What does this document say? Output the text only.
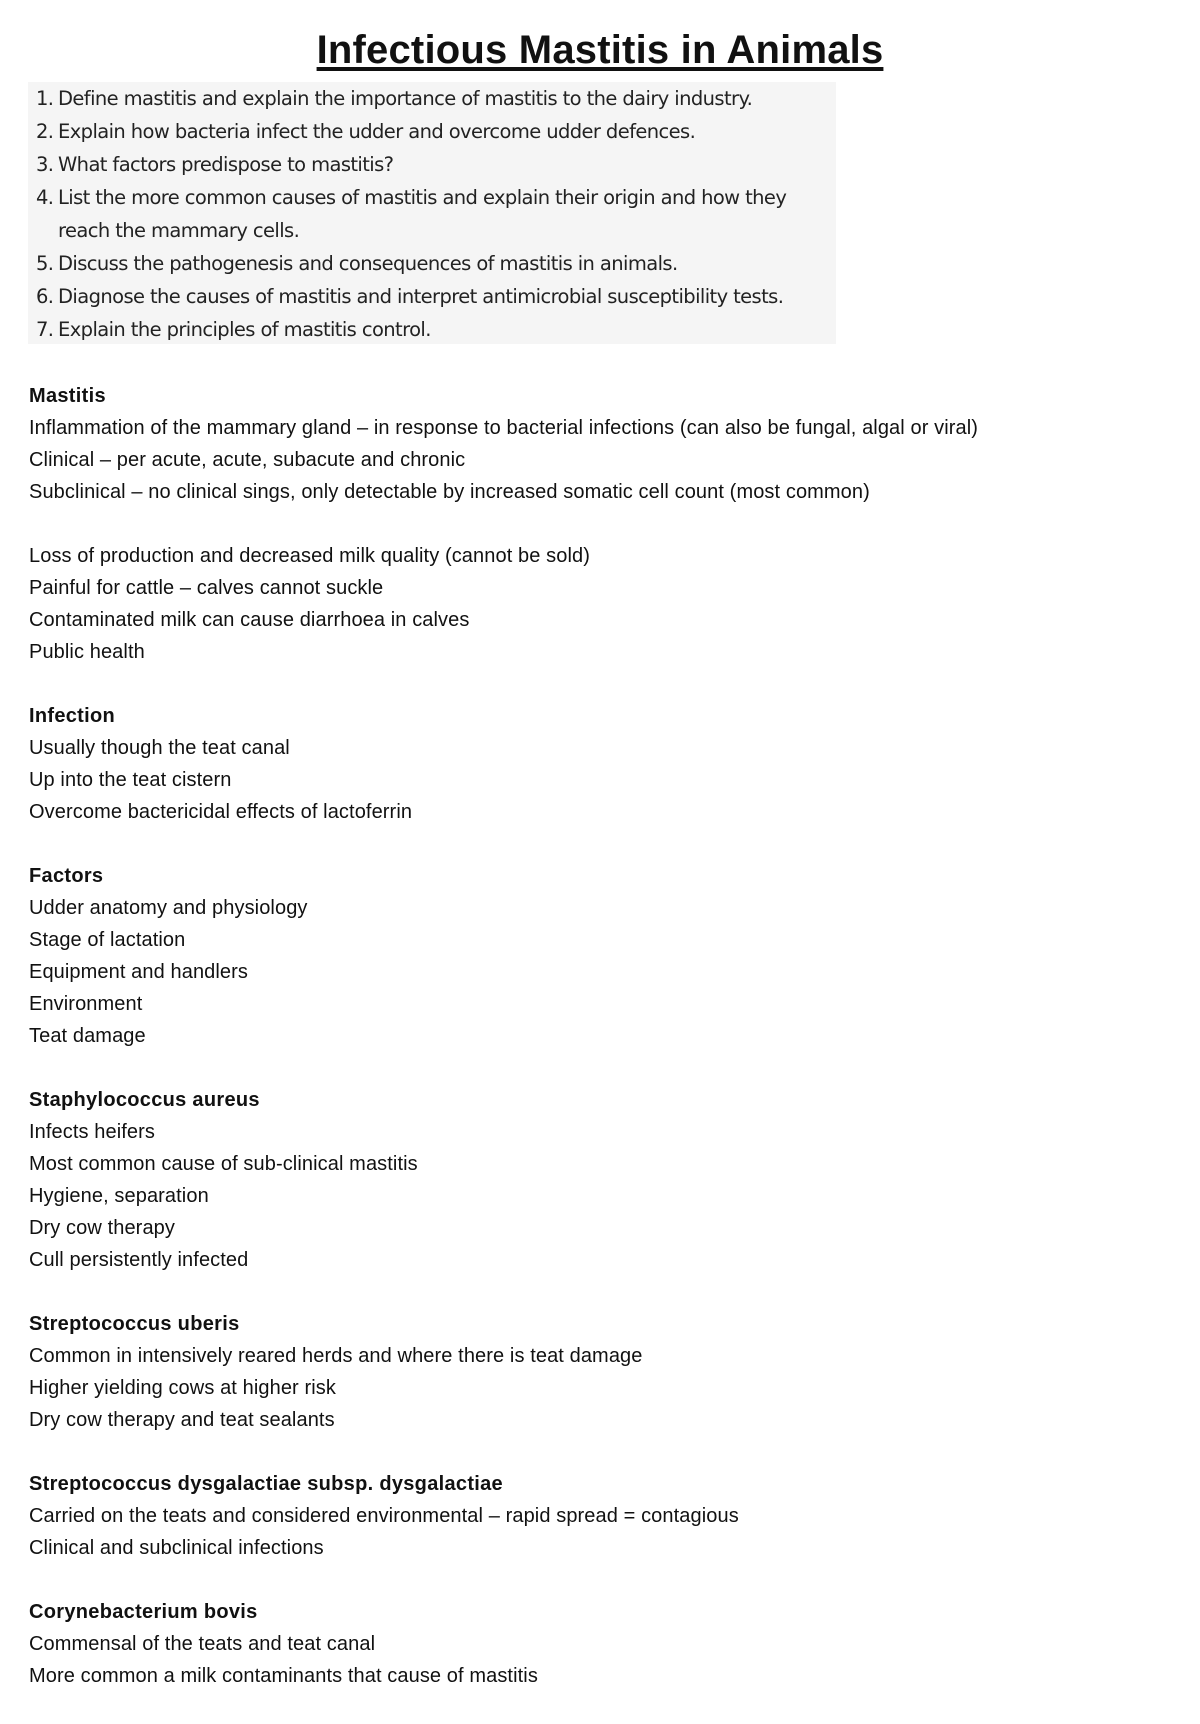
Infectious Mastitis in Animals
1. Define mastitis and explain the importance of mastitis to the dairy industry.
2. Explain how bacteria infect the udder and overcome udder defences.
3. What factors predispose to mastitis?
4. List the more common causes of mastitis and explain their origin and how they reach the mammary cells.
5. Discuss the pathogenesis and consequences of mastitis in animals.
6. Diagnose the causes of mastitis and interpret antimicrobial susceptibility tests.
7. Explain the principles of mastitis control.

Mastitis

Inflammation of the mammary gland – in response to bacterial infections (can also be fungal, algal or viral)

Clinical – per acute, acute, subacute and chronic

Subclinical – no clinical sings, only detectable by increased somatic cell count (most common)

Loss of production and decreased milk quality (cannot be sold)

Painful for cattle – calves cannot suckle

Contaminated milk can cause diarrhoea in calves

Public health

Infection

Usually though the teat canal

Up into the teat cistern

Overcome bactericidal effects of lactoferrin

Factors

Udder anatomy and physiology

Stage of lactation

Equipment and handlers

Environment

Teat damage

Staphylococcus aureus

Infects heifers

Most common cause of sub-clinical mastitis

Hygiene, separation

Dry cow therapy

Cull persistently infected

Streptococcus uberis

Common in intensively reared herds and where there is teat damage

Higher yielding cows at higher risk

Dry cow therapy and teat sealants

Streptococcus dysgalactiae subsp. dysgalactiae

Carried on the teats and considered environmental – rapid spread = contagious

Clinical and subclinical infections

Corynebacterium bovis

Commensal of the teats and teat canal

More common a milk contaminants that cause of mastitis
